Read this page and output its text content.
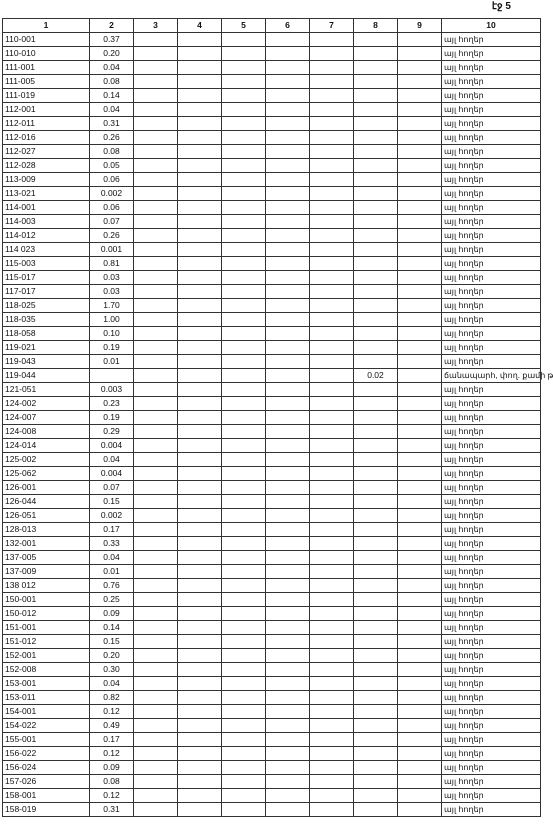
էջ 5
1	2	3	4	5	6	7	8	9	10
110-001	0.37								այլ հողեր
110-010	0.20								այլ հողեր
111-001	0.04								այլ հողեր
111-005	0.08								այլ հողեր
111-019	0.14								այլ հողեր
112-001	0.04								այլ հողեր
112-011	0.31								այլ հողեր
112-016	0.26								այլ հողեր
112-027	0.08								այլ հողեր
112-028	0.05								այլ հողեր
113-009	0.06								այլ հողեր
113-021	0.002								այլ հողեր
114-001	0.06								այլ հողեր
114-003	0.07								այլ հողեր
114-012	0.26								այլ հողեր
114 023	0.001								այլ հողեր
115-003	0.81								այլ հողեր
115-017	0.03								այլ հողեր
117-017	0.03								այլ հողեր
118-025	1.70								այլ հողեր
118-035	1.00								այլ հողեր
118-058	0.10								այլ հողեր
119-021	0.19								այլ հողեր
119-043	0.01								այլ հողեր
119-044							0.02		ճանապարհ, փող. քամի թ
121-051	0.003								այլ հողեր
124-002	0.23								այլ հողեր
124-007	0.19								այլ հողեր
124-008	0.29								այլ հողեր
124-014	0.004								այլ հողեր
125-002	0.04								այլ հողեր
125-062	0.004								այլ հողեր
126-001	0.07								այլ հողեր
126-044	0.15								այլ հողեր
126-051	0.002								այլ հողեր
128-013	0.17								այլ հողեր
132-001	0.33								այլ հողեր
137-005	0.04								այլ հողեր
137-009	0.01								այլ հողեր
138 012	0.76								այլ հողեր
150-001	0.25								այլ հողեր
150-012	0.09								այլ հողեր
151-001	0.14								այլ հողեր
151-012	0.15								այլ հողեր
152-001	0.20								այլ հողեր
152-008	0.30								այլ հողեր
153-001	0.04								այլ հողեր
153-011	0.82								այլ հողեր
154-001	0.12								այլ հողեր
154-022	0.49								այլ հողեր
155-001	0.17								այլ հողեր
156-022	0.12								այլ հողեր
156-024	0.09								այլ հողեր
157-026	0.08								այլ հողեր
158-001	0.12								այլ հողեր
158-019	0.31								այլ հողեր
